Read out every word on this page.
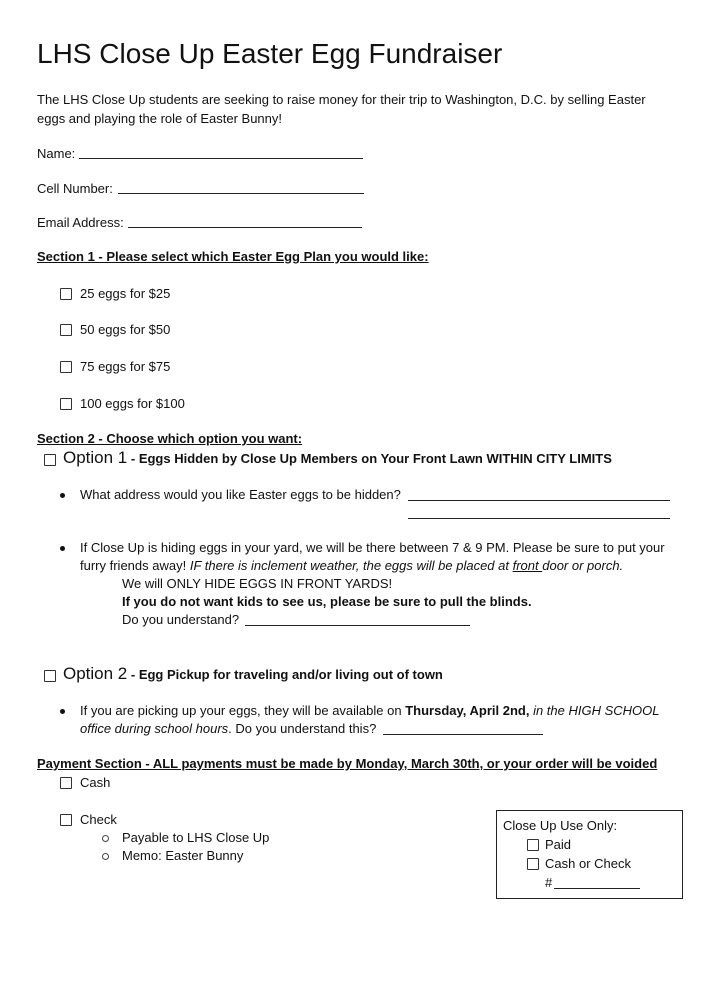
LHS Close Up Easter Egg Fundraiser
The LHS Close Up students are seeking to raise money for their trip to Washington, D.C. by selling Easter
eggs and playing the role of Easter Bunny!
Name:
Cell Number:
Email Address:
Section 1 - Please select which Easter Egg Plan you would like:
25 eggs for $25
50 eggs for $50
75 eggs for $75
100 eggs for $100
Section 2 - Choose which option you want:
Option 1 - Eggs Hidden by Close Up Members on Your Front Lawn WITHIN CITY LIMITS
What address would you like Easter eggs to be hidden?
If Close Up is hiding eggs in your yard, we will be there between 7 & 9 PM. Please be sure to put your
furry friends away! IF there is inclement weather, the eggs will be placed at front door or porch.
We will ONLY HIDE EGGS IN FRONT YARDS!
If you do not want kids to see us, please be sure to pull the blinds.
Do you understand?
Option 2 - Egg Pickup for traveling and/or living out of town
If you are picking up your eggs, they will be available on Thursday, April 2nd, in the HIGH SCHOOL
office during school hours. Do you understand this?
Payment Section - ALL payments must be made by Monday, March 30th, or your order will be voided
Cash
Check
Payable to LHS Close Up
Memo: Easter Bunny
Close Up Use Only:
Paid
Cash or Check
#
